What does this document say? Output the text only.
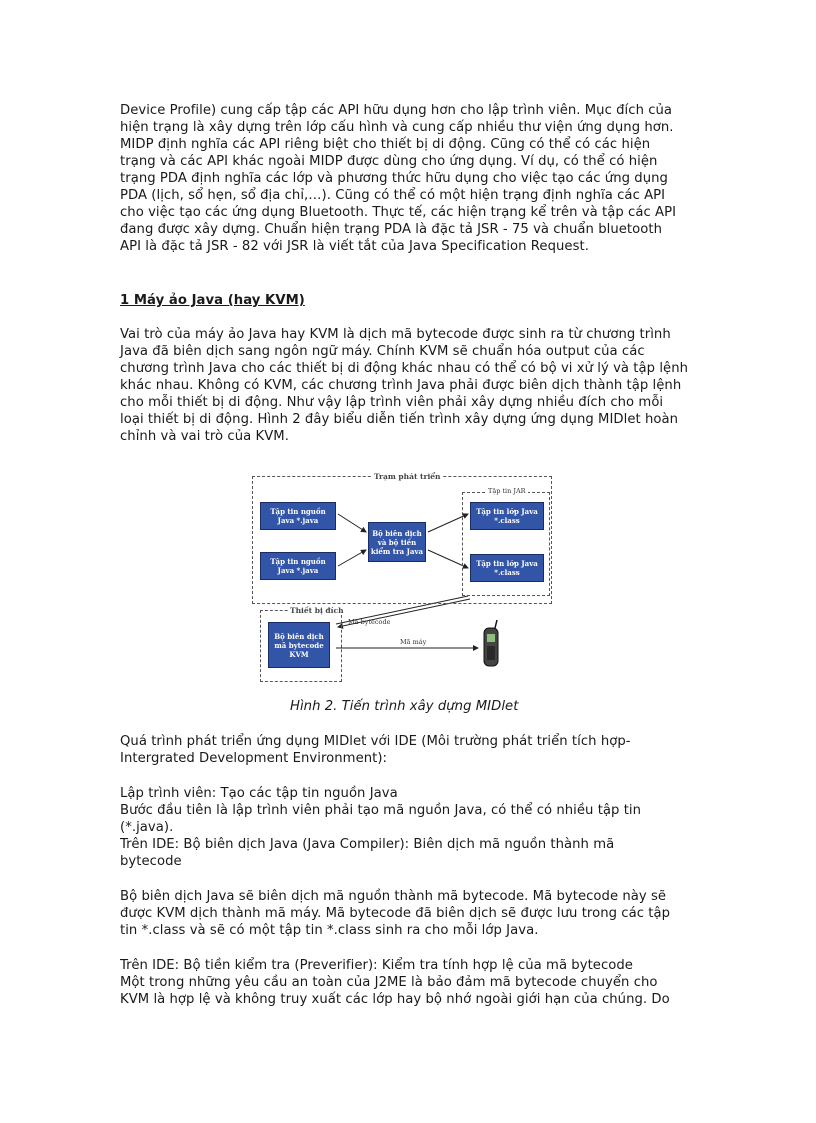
Device Profile) cung cấp tập các API hữu dụng hơn cho lập trình viên. Mục đích của
hiện trạng là xây dựng trên lớp cấu hình và cung cấp nhiều thư viện ứng dụng hơn.
MIDP định nghĩa các API riêng biệt cho thiết bị di động. Cũng có thể có các hiện
trạng và các API khác ngoài MIDP được dùng cho ứng dụng. Ví dụ, có thể có hiện
trạng PDA định nghĩa các lớp và phương thức hữu dụng cho việc tạo các ứng dụng
PDA (lịch, sổ hẹn, sổ địa chỉ,…). Cũng có thể có một hiện trạng định nghĩa các API
cho việc tạo các ứng dụng Bluetooth. Thực tế, các hiện trạng kể trên và tập các API
đang được xây dựng. Chuẩn hiện trạng PDA là đặc tả JSR - 75 và chuẩn bluetooth
API là đặc tả JSR - 82 với JSR là viết tắt của Java Specification Request.
1 Máy ảo Java (hay KVM)
Vai trò của máy ảo Java hay KVM là dịch mã bytecode được sinh ra từ chương trình
Java đã biên dịch sang ngôn ngữ máy. Chính KVM sẽ chuẩn hóa output của các
chương trình Java cho các thiết bị di động khác nhau có thể có bộ vi xử lý và tập lệnh
khác nhau. Không có KVM, các chương trình Java phải được biên dịch thành tập lệnh
cho mỗi thiết bị di động. Như vậy lập trình viên phải xây dựng nhiều đích cho mỗi
loại thiết bị di động. Hình 2 đây biểu diễn tiến trình xây dựng ứng dụng MIDlet hoàn
chỉnh và vai trò của KVM.
Hình 2. Tiến trình xây dựng MIDlet
Quá trình phát triển ứng dụng MIDlet với IDE (Môi trường phát triển tích hợp-
Intergrated Development Environment):
Lập trình viên: Tạo các tập tin nguồn Java
Bước đầu tiên là lập trình viên phải tạo mã nguồn Java, có thể có nhiều tập tin
(*.java).
Trên IDE: Bộ biên dịch Java (Java Compiler): Biên dịch mã nguồn thành mã
bytecode
Bộ biên dịch Java sẽ biên dịch mã nguồn thành mã bytecode. Mã bytecode này sẽ
được KVM dịch thành mã máy. Mã bytecode đã biên dịch sẽ được lưu trong các tập
tin *.class và sẽ có một tập tin *.class sinh ra cho mỗi lớp Java.
Trên IDE: Bộ tiền kiểm tra (Preverifier): Kiểm tra tính hợp lệ của mã bytecode
Một trong những yêu cầu an toàn của J2ME là bảo đảm mã bytecode chuyển cho
KVM là hợp lệ và không truy xuất các lớp hay bộ nhớ ngoài giới hạn của chúng. Do
Trạm phát triển
Tập tin JAR
Tập tin nguồn Java *.java
Tập tin nguồn Java *.java
Bộ biên dịch và bộ tiền kiểm tra Java
Tập tin lớp Java *.class
Tập tin lớp Java *.class
Thiết bị đích
Bộ biên dịch mã bytecode KVM
Mã bytecode
Mã máy
